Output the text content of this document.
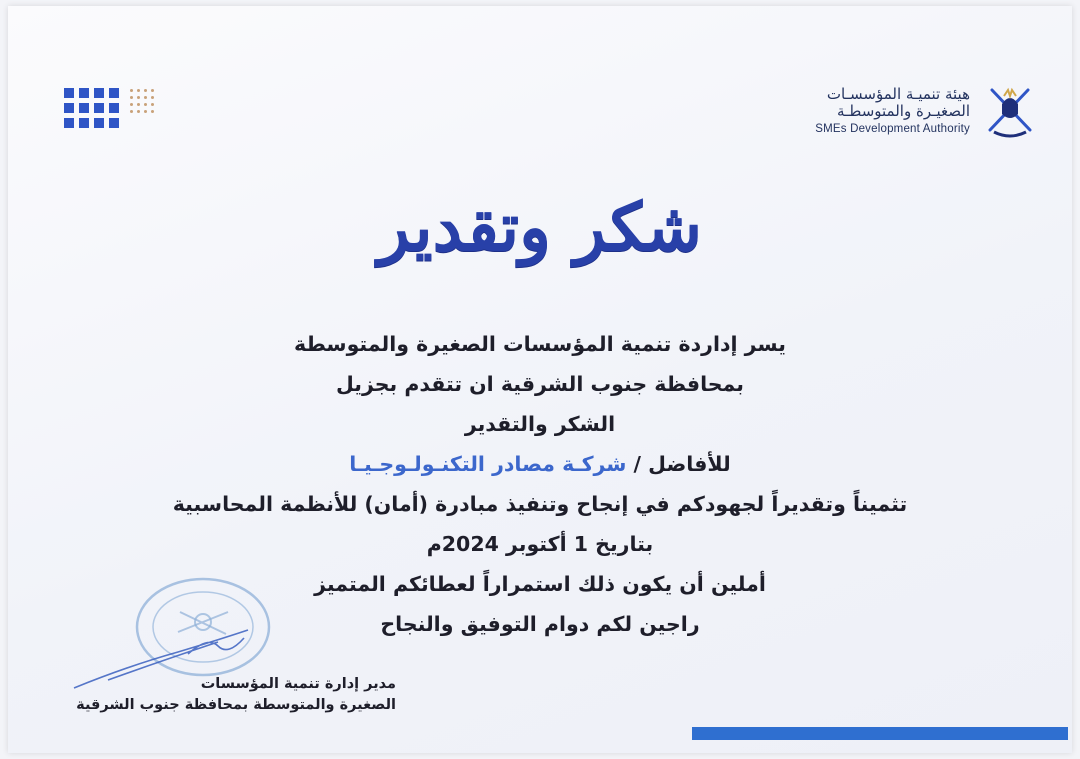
هيئة تنميـة المؤسسـات
الصغيـرة والمتوسطـة
SMEs Development Authority
شكر وتقدير
يسر إداردة تنمية المؤسسات الصغيرة والمتوسطة
بمحافظة جنوب الشرقية ان تتقدم بجزيل
الشكر والتقدير
للأفاضل / شركـة مصادر التكنـولـوجـيـا
تثميناً وتقديراً لجهودكم في إنجاح وتنفيذ مبادرة (أمان) للأنظمة المحاسبية
بتاريخ 1 أكتوبر 2024م
أملين أن يكون ذلك استمراراً لعطائكم المتميز
راجين لكم دوام التوفيق والنجاح
مدير إدارة تنمية المؤسسات
الصغيرة والمتوسطة بمحافظة جنوب الشرقية
